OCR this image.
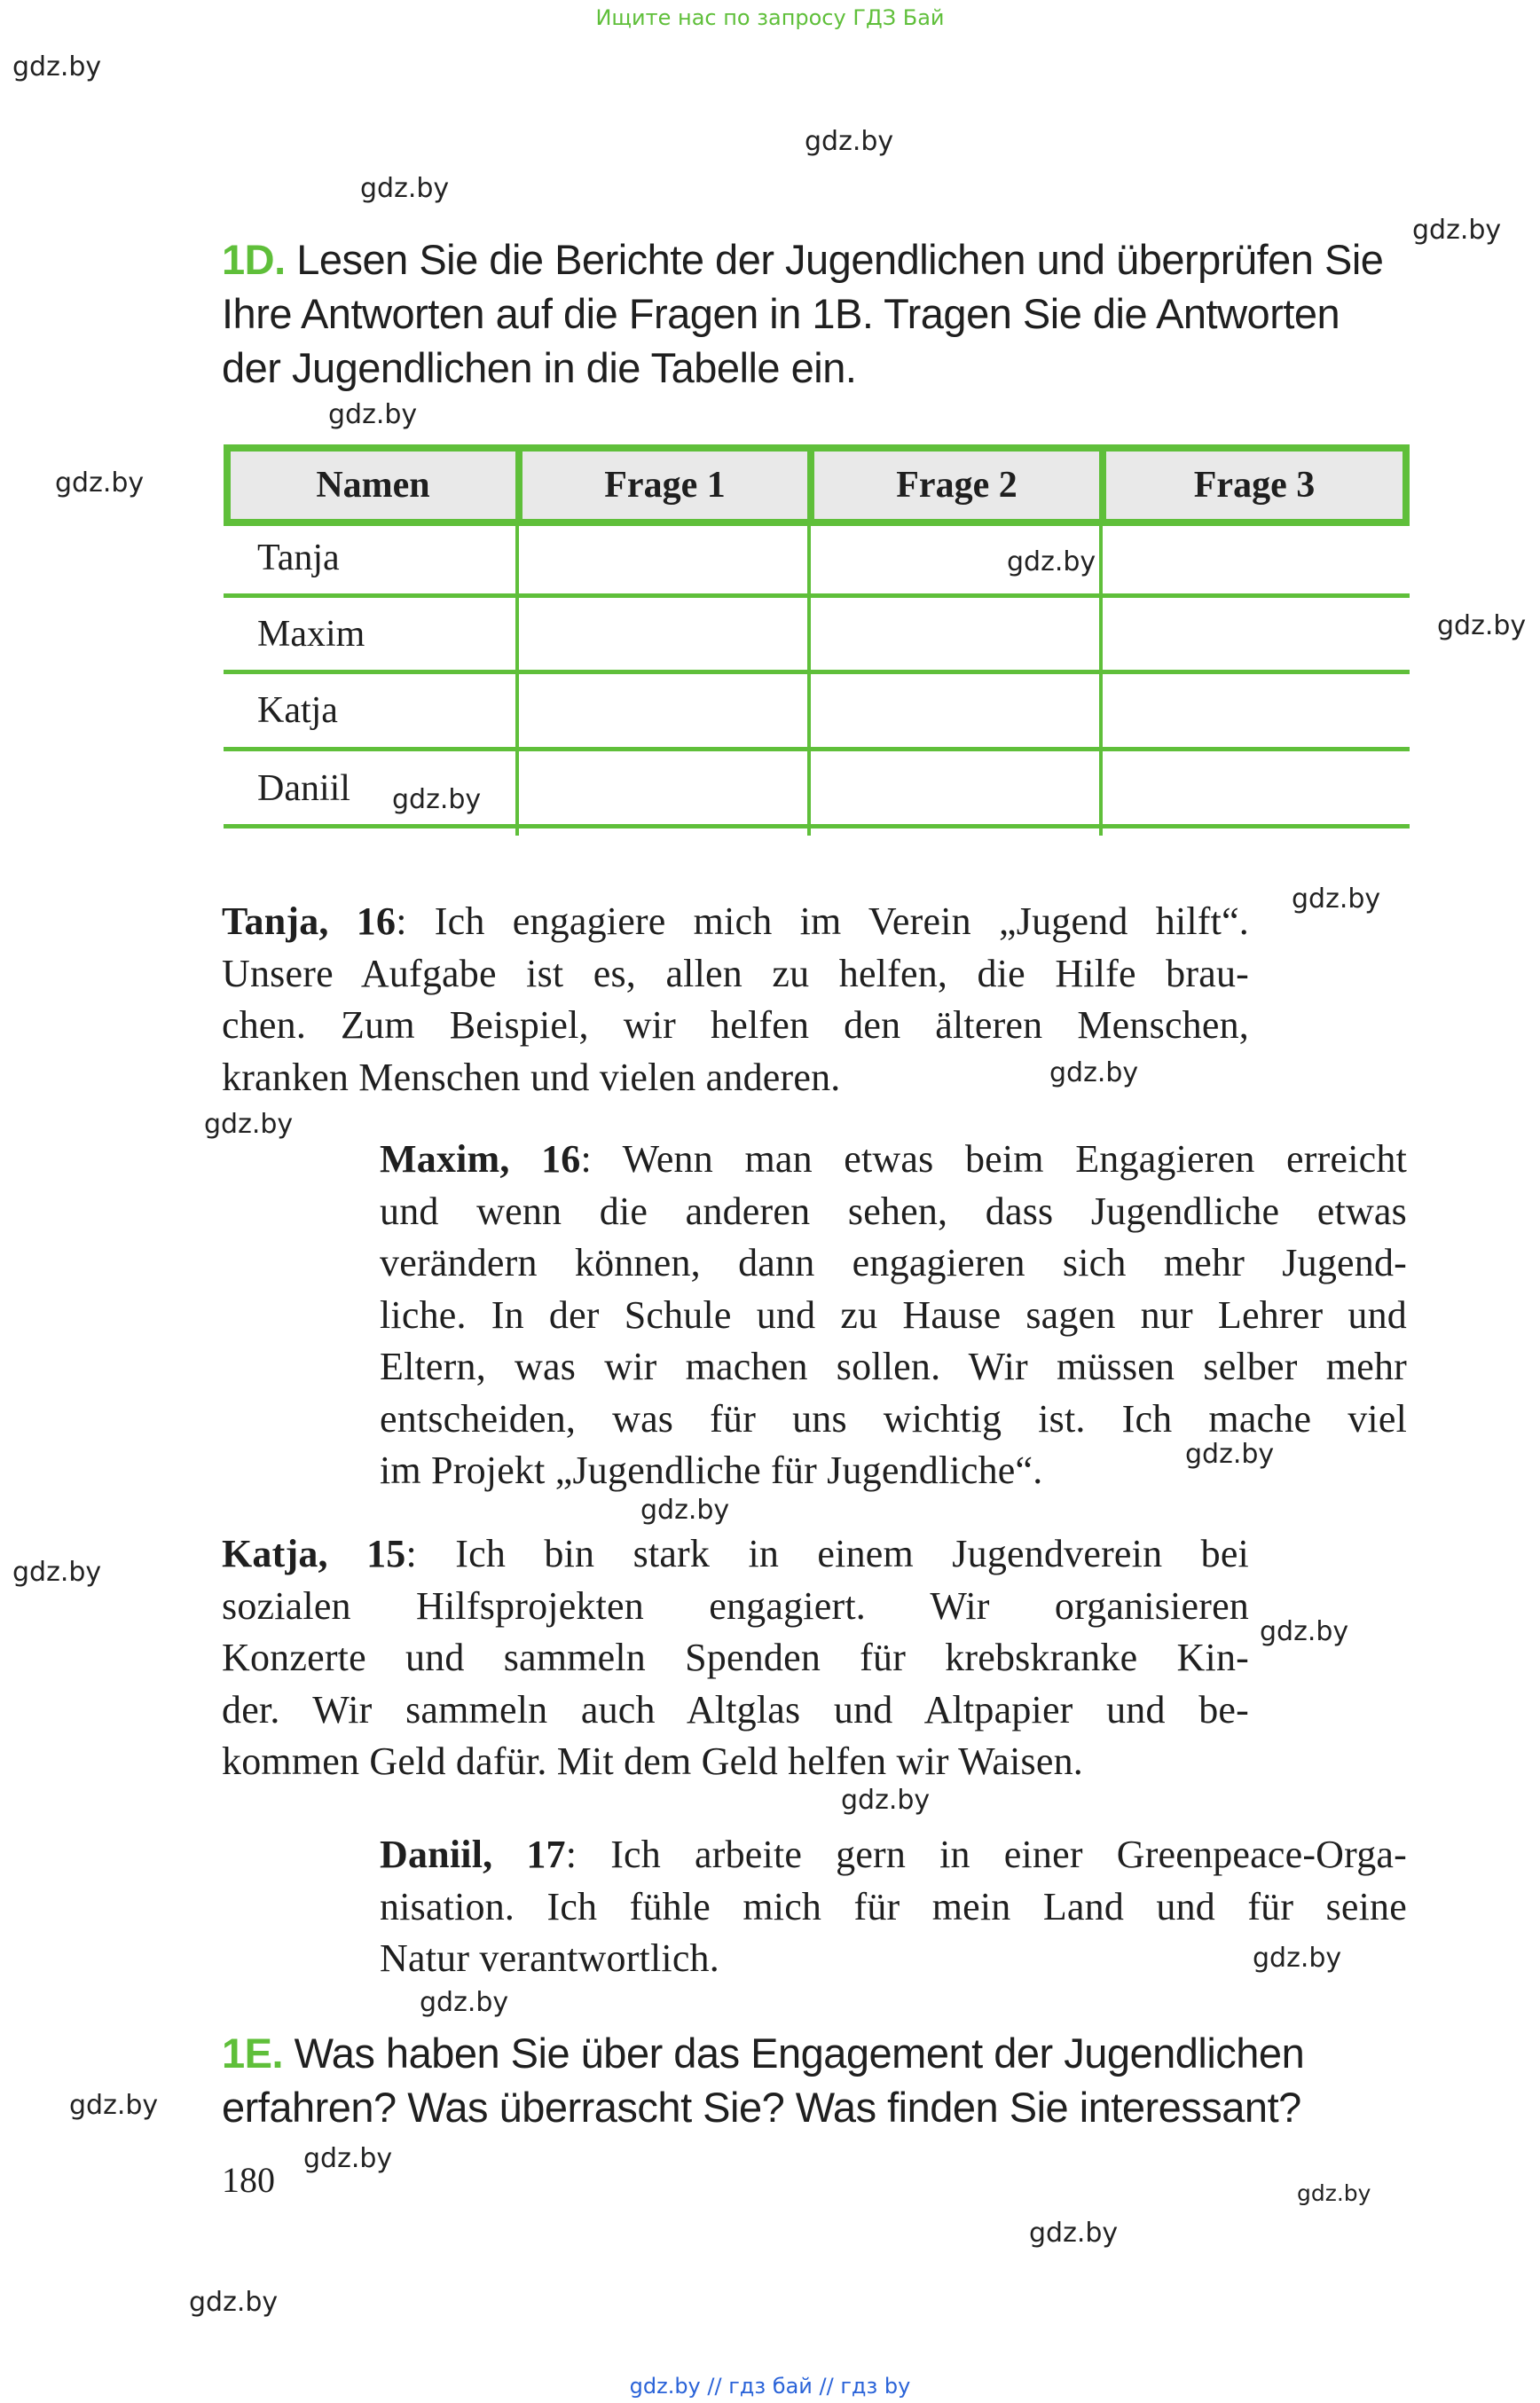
Ищите нас по запросу ГДЗ Бай
gdz.by
gdz.by
gdz.by
gdz.by
gdz.by
gdz.by
gdz.by
gdz.by
gdz.by
gdz.by
gdz.by
gdz.by
gdz.by
gdz.by
gdz.by
gdz.by
gdz.by
gdz.by
gdz.by
gdz.by
gdz.by
gdz.by
gdz.by
gdz.by
1D. Lesen Sie die Berichte der Jugendlichen und überprüfen Sie
Ihre Antworten auf die Fragen in 1B. Tragen Sie die Antworten
der Jugendlichen in die Tabelle ein.
Namen	Frage 1	Frage 2	Frage 3
Tanja
Maxim
Katja
Daniil
Tanja, 16: Ich engagiere mich im Verein „Jugend hilft“.
Unsere Aufgabe ist es, allen zu helfen, die Hilfe brau-
chen. Zum Beispiel, wir helfen den älteren Menschen,
kranken Menschen und vielen anderen.
Maxim, 16: Wenn man etwas beim Engagieren erreicht
und wenn die anderen sehen, dass Jugendliche etwas
verändern können, dann engagieren sich mehr Jugend-
liche. In der Schule und zu Hause sagen nur Lehrer und
Eltern, was wir machen sollen. Wir müssen selber mehr
entscheiden, was für uns wichtig ist. Ich mache viel
im Projekt „Jugendliche für Jugendliche“.
Katja, 15: Ich bin stark in einem Jugendverein bei
sozialen Hilfsprojekten engagiert. Wir organisieren
Konzerte und sammeln Spenden für krebskranke Kin-
der. Wir sammeln auch Altglas und Altpapier und be-
kommen Geld dafür. Mit dem Geld helfen wir Waisen.
Daniil, 17: Ich arbeite gern in einer Greenpeace-Orga-
nisation. Ich fühle mich für mein Land und für seine
Natur verantwortlich.
1E. Was haben Sie über das Engagement der Jugendlichen
erfahren? Was überrascht Sie? Was finden Sie interessant?
180
gdz.by // гдз бай // гдз by
